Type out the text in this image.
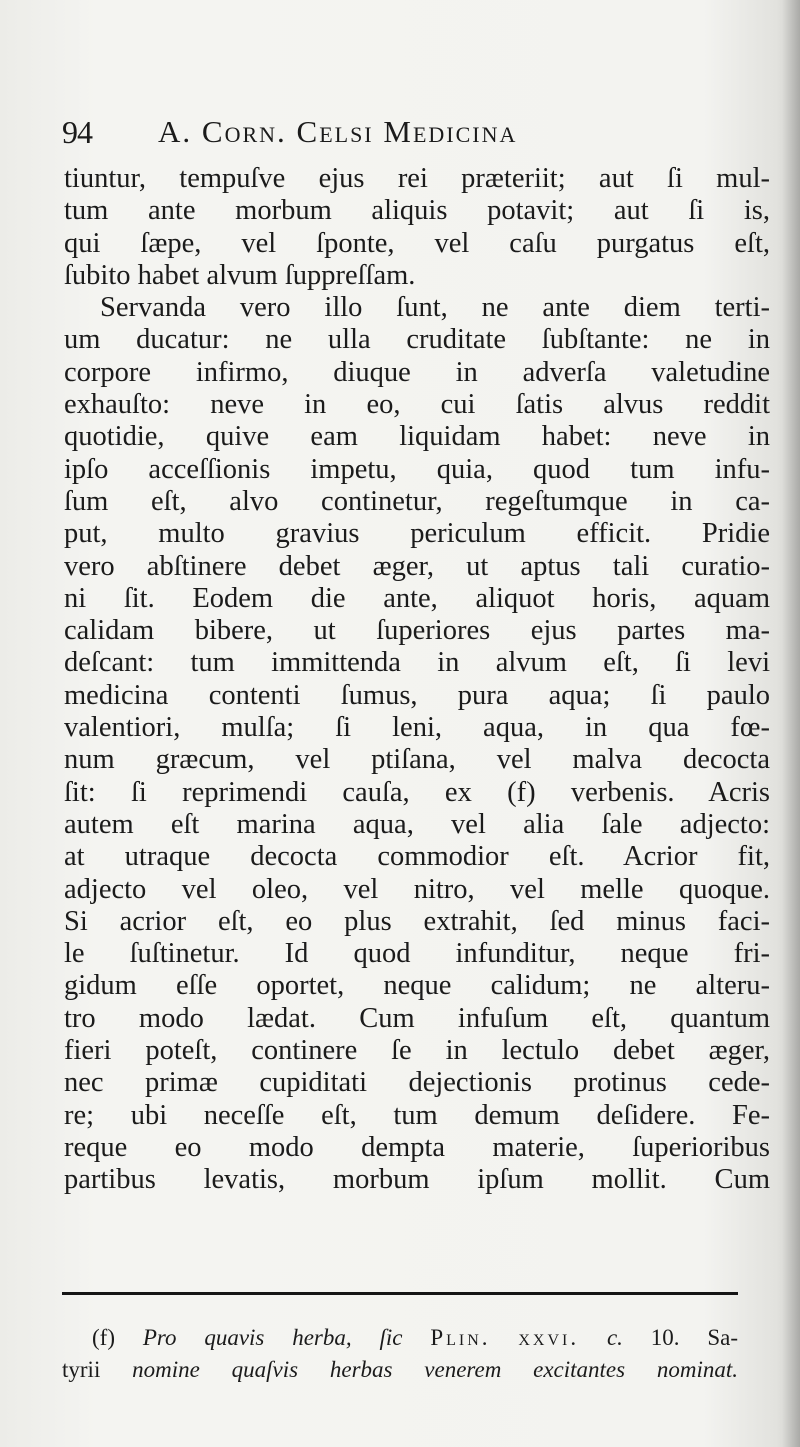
94 A. Corn. Celsi Medicina
tiuntur, tempuſve ejus rei præteriit; aut ſi mul-
tum ante morbum aliquis potavit; aut ſi is,
qui ſæpe, vel ſponte, vel caſu purgatus eſt,
ſubito habet alvum ſuppreſſam.
Servanda vero illo ſunt, ne ante diem terti-
um ducatur: ne ulla cruditate ſubſtante: ne in
corpore infirmo, diuque in adverſa valetudine
exhauſto: neve in eo, cui ſatis alvus reddit
quotidie, quive eam liquidam habet: neve in
ipſo acceſſionis impetu, quia, quod tum infu-
ſum eſt, alvo continetur, regeſtumque in ca-
put, multo gravius periculum efficit. Pridie
vero abſtinere debet æger, ut aptus tali curatio-
ni ſit. Eodem die ante, aliquot horis, aquam
calidam bibere, ut ſuperiores ejus partes ma-
deſcant: tum immittenda in alvum eſt, ſi levi
medicina contenti ſumus, pura aqua; ſi paulo
valentiori, mulſa; ſi leni, aqua, in qua fœ-
num græcum, vel ptiſana, vel malva decocta
ſit: ſi reprimendi cauſa, ex (f) verbenis. Acris
autem eſt marina aqua, vel alia ſale adjecto:
at utraque decocta commodior eſt. Acrior fit,
adjecto vel oleo, vel nitro, vel melle quoque.
Si acrior eſt, eo plus extrahit, ſed minus faci-
le ſuſtinetur. Id quod infunditur, neque fri-
gidum eſſe oportet, neque calidum; ne alteru-
tro modo lædat. Cum infuſum eſt, quantum
fieri poteſt, continere ſe in lectulo debet æger,
nec primæ cupiditati dejectionis protinus cede-
re; ubi neceſſe eſt, tum demum deſidere. Fe-
reque eo modo dempta materie, ſuperioribus
partibus levatis, morbum ipſum mollit. Cum
(f) Pro quavis herba, ſic Plin. xxvi. c. 10. Sa-
tyrii nomine quaſvis herbas venerem excitantes nominat.
